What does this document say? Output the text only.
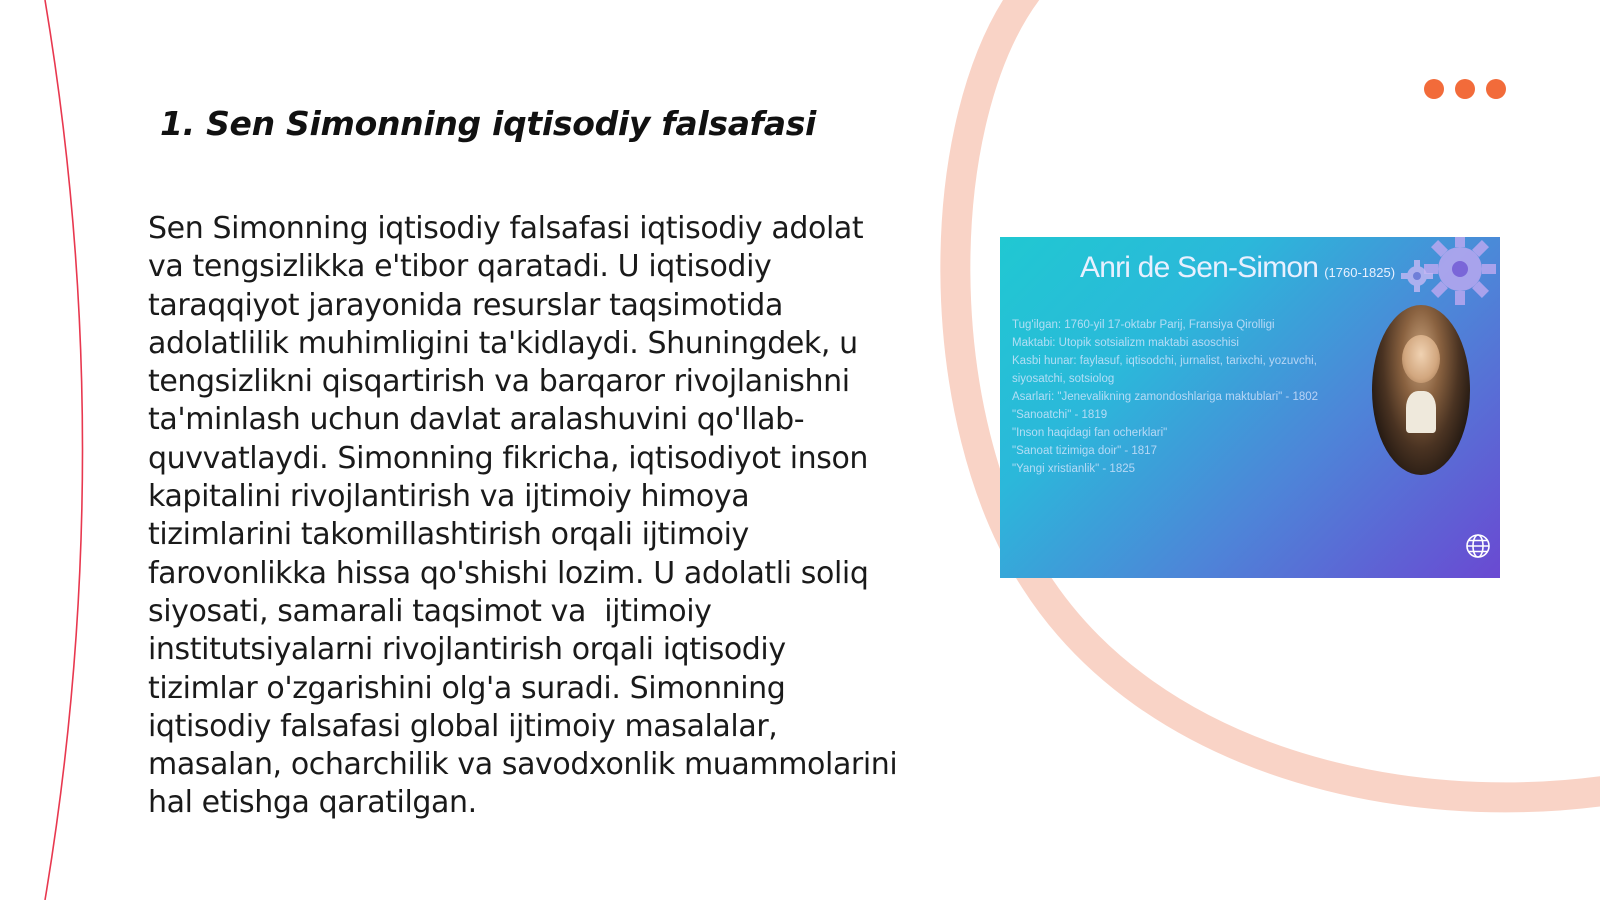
1. Sen Simonning iqtisodiy falsafasi
Sen Simonning iqtisodiy falsafasi iqtisodiy adolat
va tengsizlikka e'tibor qaratadi. U iqtisodiy
taraqqiyot jarayonida resurslar taqsimotida
adolatlilik muhimligini ta'kidlaydi. Shuningdek, u
tengsizlikni qisqartirish va barqaror rivojlanishni
ta'minlash uchun davlat aralashuvini qo'llab-
quvvatlaydi. Simonning fikricha, iqtisodiyot inson
kapitalini rivojlantirish va ijtimoiy himoya
tizimlarini takomillashtirish orqali ijtimoiy
farovonlikka hissa qo'shishi lozim. U adolatli soliq
siyosati, samarali taqsimot va  ijtimoiy
institutsiyalarni rivojlantirish orqali iqtisodiy
tizimlar o'zgarishini olg'a suradi. Simonning
iqtisodiy falsafasi global ijtimoiy masalalar,
masalan, ocharchilik va savodxonlik muammolarini
hal etishga qaratilgan.
Anri de Sen-Simon (1760-1825)
Tug'ilgan: 1760-yil 17-oktabr Parij, Fransiya Qirolligi
Maktabi: Utopik sotsializm maktabi asoschisi
Kasbi hunar: faylasuf, iqtisodchi, jurnalist, tarixchi, yozuvchi,
siyosatchi, sotsiolog
Asarlari: "Jenevalikning zamondoshlariga maktublari" - 1802
"Sanoatchi" - 1819
"Inson haqidagi fan ocherklari"
"Sanoat tizimiga doir" - 1817
"Yangi xristianlik" - 1825
